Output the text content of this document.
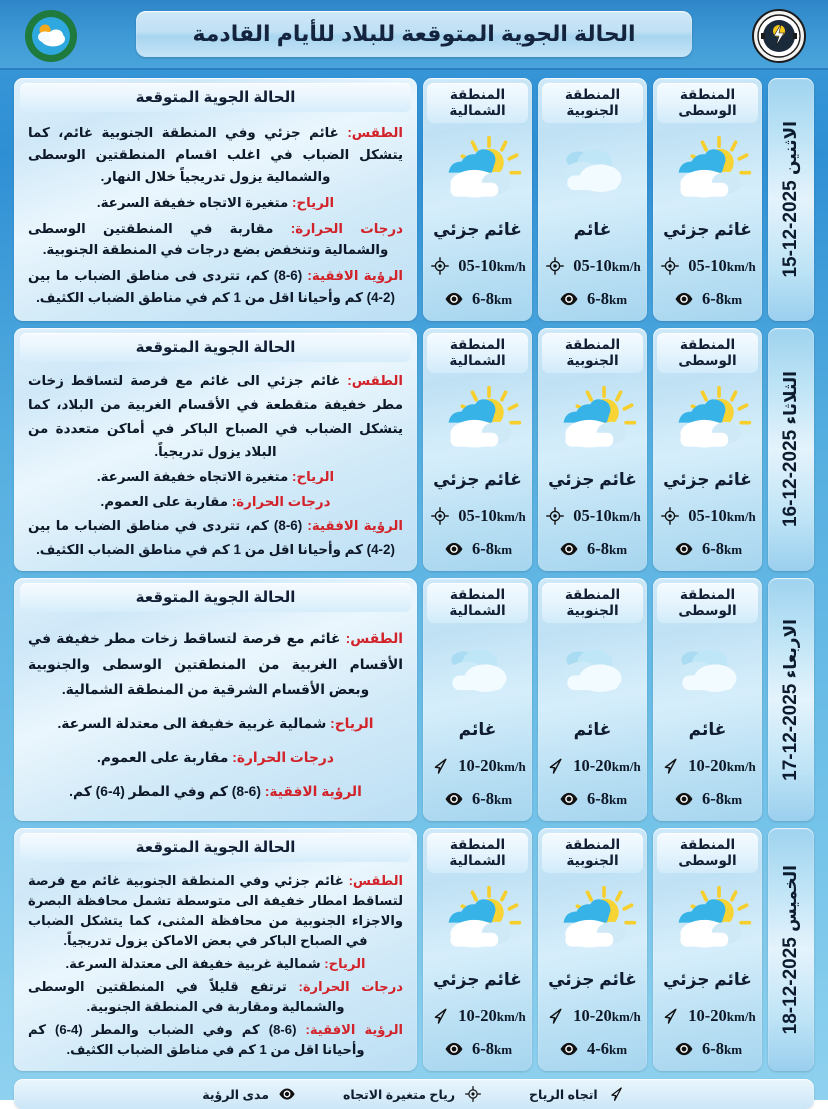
الحالة الجوية المتوقعة للبلاد للأيام القادمة
الاثنين 2025-12-15
المنطقة الوسطى
غائم جزئي
05-10km/h
6-8km
المنطقة الجنوبية
غائم
05-10km/h
6-8km
المنطقة الشمالية
غائم جزئي
05-10km/h
6-8km
الحالة الجوية المتوقعة
الطقس: غائم جزئي وفي المنطقة الجنوبية غائم، كما يتشكل الضباب في اغلب اقسام المنطقتين الوسطى والشمالية يزول تدريجياً خلال النهار.
الرياح: متغيرة الاتجاه خفيفة السرعة.
درجات الحرارة: مقاربة في المنطقتين الوسطى والشمالية وتنخفض بضع درجات في المنطقة الجنوبية.
الرؤية الافقية: (6-8) كم، تتردى فى مناطق الضباب ما بين (2-4) كم وأحيانا اقل من 1 كم في مناطق الضباب الكثيف.
الثلاثاء 2025-12-16
المنطقة الوسطى
غائم جزئي
05-10km/h
6-8km
المنطقة الجنوبية
غائم جزئي
05-10km/h
6-8km
المنطقة الشمالية
غائم جزئي
05-10km/h
6-8km
الحالة الجوية المتوقعة
الطقس: غائم جزئي الى غائم مع فرصة لتساقط زخات مطر خفيفة متقطعة في الأقسام الغربية من البلاد، كما يتشكل الضباب في الصباح الباكر في أماكن متعددة من البلاد يزول تدريجياً.
الرياح: متغيرة الاتجاه خفيفة السرعة.
درجات الحرارة: مقاربة على العموم.
الرؤية الافقية: (6-8) كم، تتردى في مناطق الضباب ما بين (2-4) كم وأحيانا اقل من 1 كم في مناطق الضباب الكثيف.
الاربعاء 2025-12-17
المنطقة الوسطى
غائم
10-20km/h
6-8km
المنطقة الجنوبية
غائم
10-20km/h
6-8km
المنطقة الشمالية
غائم
10-20km/h
6-8km
الحالة الجوية المتوقعة
الطقس: غائم مع فرصة لتساقط زخات مطر خفيفة في الأقسام الغربية من المنطقتين الوسطى والجنوبية وبعض الأقسام الشرقية من المنطقة الشمالية.
الرياح: شمالية غربية خفيفة الى معتدلة السرعة.
درجات الحرارة: مقاربة على العموم.
الرؤية الافقية: (6-8) كم وفي المطر (4-6) كم.
الخميس 2025-12-18
المنطقة الوسطى
غائم جزئي
10-20km/h
6-8km
المنطقة الجنوبية
غائم جزئي
10-20km/h
4-6km
المنطقة الشمالية
غائم جزئي
10-20km/h
6-8km
الحالة الجوية المتوقعة
الطقس: غائم جزئي وفي المنطقة الجنوبية غائم مع فرصة لتساقط امطار خفيفة الى متوسطة تشمل محافظة البصرة والاجزاء الجنوبية من محافظة المثنى، كما يتشكل الضباب في الصباح الباكر في بعض الاماكن يزول تدريجياً.
الرياح: شمالية غربية خفيفة الى معتدلة السرعة.
درجات الحرارة: ترتفع قليلاً في المنطقتين الوسطى والشمالية ومقاربة في المنطقة الجنوبية.
الرؤية الافقية: (6-8) كم وفي الضباب والمطر (4-6) كم وأحيانا اقل من 1 كم في مناطق الضباب الكثيف.
اتجاه الرياح
رياح متغيرة الاتجاه
مدى الرؤية
